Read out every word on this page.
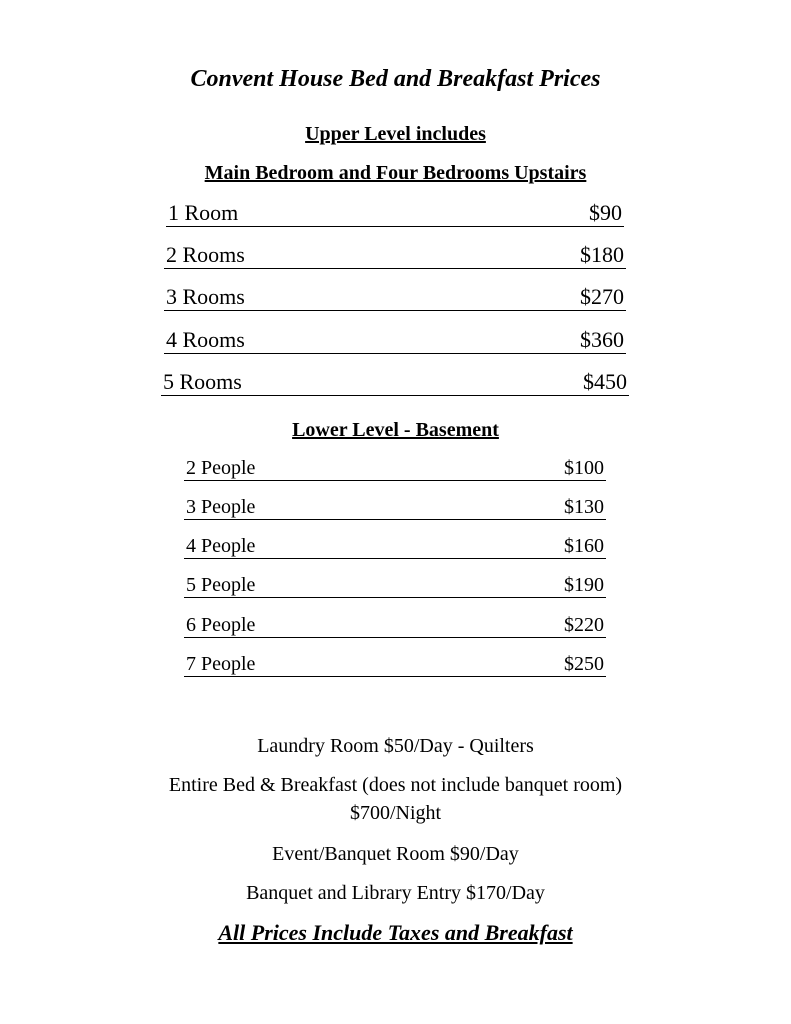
Convent House Bed and Breakfast Prices
Upper Level includes
Main Bedroom and Four Bedrooms Upstairs
1 Room	$90
2 Rooms	$180
3 Rooms	$270
4 Rooms	$360
5 Rooms	$450
Lower Level - Basement
2 People	$100
3 People	$130
4 People	$160
5 People	$190
6 People	$220
7 People	$250
Laundry Room $50/Day - Quilters
Entire Bed & Breakfast (does not include banquet room)
$700/Night
Event/Banquet Room $90/Day
Banquet and Library Entry $170/Day
All Prices Include Taxes and Breakfast
